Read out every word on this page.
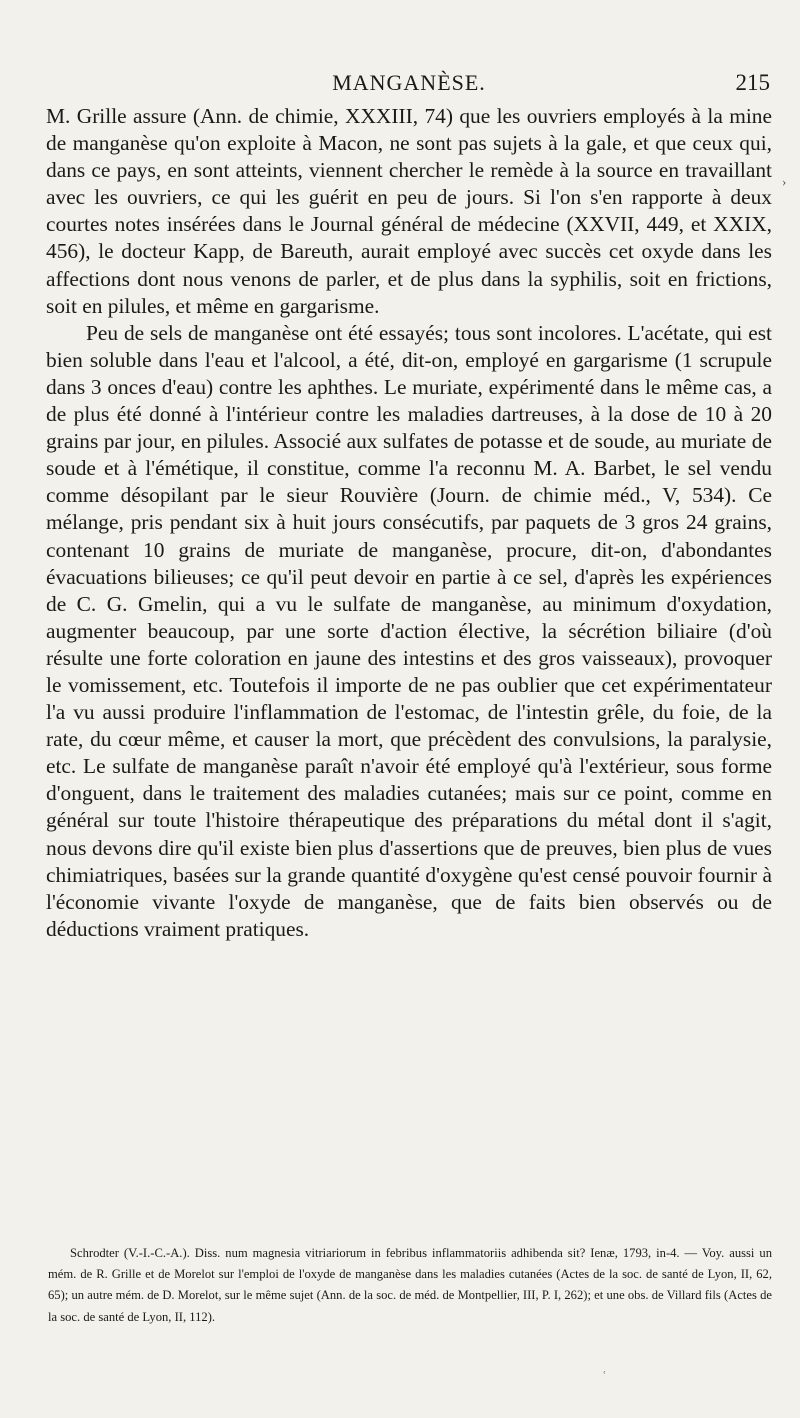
MANGANÈSE.	215

M. Grille assure (Ann. de chimie, XXXIII, 74) que les ouvriers employés à la mine de manganèse qu'on exploite à Macon, ne sont pas sujets à la gale, et que ceux qui, dans ce pays, en sont atteints, viennent chercher le remède à la source en travaillant avec les ouvriers, ce qui les guérit en peu de jours. Si l'on s'en rapporte à deux courtes notes insérées dans le Journal général de médecine (XXVII, 449, et XXIX, 456), le docteur Kapp, de Bareuth, aurait employé avec succès cet oxyde dans les affections dont nous venons de parler, et de plus dans la syphilis, soit en frictions, soit en pilules, et même en gargarisme.

Peu de sels de manganèse ont été essayés; tous sont incolores. L'acétate, qui est bien soluble dans l'eau et l'alcool, a été, dit-on, employé en gargarisme (1 scrupule dans 3 onces d'eau) contre les aphthes. Le muriate, expérimenté dans le même cas, a de plus été donné à l'intérieur contre les maladies dartreuses, à la dose de 10 à 20 grains par jour, en pilules. Associé aux sulfates de potasse et de soude, au muriate de soude et à l'émétique, il constitue, comme l'a reconnu M. A. Barbet, le sel vendu comme désopilant par le sieur Rouvière (Journ. de chimie méd., V, 534). Ce mélange, pris pendant six à huit jours consécutifs, par paquets de 3 gros 24 grains, contenant 10 grains de muriate de manganèse, procure, dit-on, d'abondantes évacuations bilieuses; ce qu'il peut devoir en partie à ce sel, d'après les expériences de C. G. Gmelin, qui a vu le sulfate de manganèse, au minimum d'oxydation, augmenter beaucoup, par une sorte d'action élective, la sécrétion biliaire (d'où résulte une forte coloration en jaune des intestins et des gros vaisseaux), provoquer le vomissement, etc. Toutefois il importe de ne pas oublier que cet expérimentateur l'a vu aussi produire l'inflammation de l'estomac, de l'intestin grêle, du foie, de la rate, du cœur même, et causer la mort, que précèdent des convulsions, la paralysie, etc. Le sulfate de manganèse paraît n'avoir été employé qu'à l'extérieur, sous forme d'onguent, dans le traitement des maladies cutanées; mais sur ce point, comme en général sur toute l'histoire thérapeutique des préparations du métal dont il s'agit, nous devons dire qu'il existe bien plus d'assertions que de preuves, bien plus de vues chimiatriques, basées sur la grande quantité d'oxygène qu'est censé pouvoir fournir à l'économie vivante l'oxyde de manganèse, que de faits bien observés ou de déductions vraiment pratiques.

Schrodter (V.-I.-C.-A.). Diss. num magnesia vitriariorum in febribus inflammatoriis adhibenda sit? Ienæ, 1793, in-4. — Voy. aussi un mém. de R. Grille et de Morelot sur l'emploi de l'oxyde de manganèse dans les maladies cutanées (Actes de la soc. de santé de Lyon, II, 62, 65); un autre mém. de D. Morelot, sur le même sujet (Ann. de la soc. de méd. de Montpellier, III, P. I, 262); et une obs. de Villard fils (Actes de la soc. de santé de Lyon, II, 112).

›
ʿ
